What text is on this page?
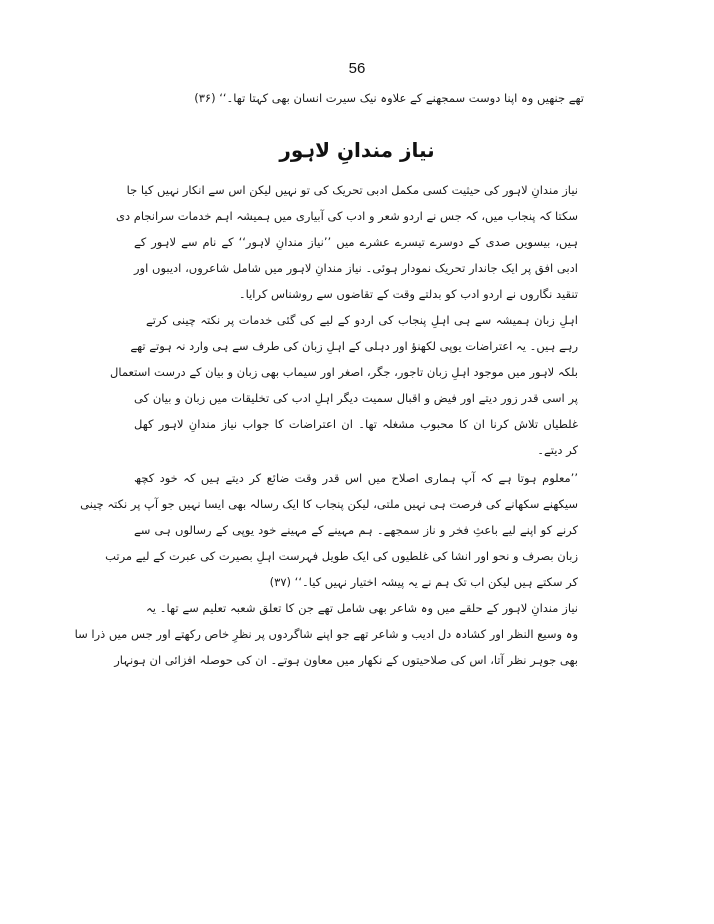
56
تھے جنھیں وہ اپنا دوست سمجھنے کے علاوہ نیک سیرت انسان بھی کہتا تھا۔‘‘ (۳۶)
نیاز مندانِ لاہور
نیاز مندانِ لاہور کی حیثیت کسی مکمل ادبی تحریک کی تو نہیں لیکن اس سے انکار نہیں کیا جا
سکتا کہ پنجاب میں، کہ جس نے اردو شعر و ادب کی آبیاری میں ہمیشہ اہم خدمات سرانجام دی
ہیں، بیسویں صدی کے دوسرے تیسرے عشرے میں ’’نیاز مندانِ لاہور‘‘ کے نام سے لاہور کے
ادبی افق پر ایک جاندار تحریک نمودار ہوئی۔ نیاز مندانِ لاہور میں شامل شاعروں، ادیبوں اور
تنقید نگاروں نے اردو ادب کو بدلتے وقت کے تقاضوں سے روشناس کرایا۔
اہلِ زبان ہمیشہ سے ہی اہلِ پنجاب کی اردو کے لیے کی گئی خدمات پر نکتہ چینی کرتے
رہے ہیں۔ یہ اعتراضات یوپی لکھنؤ اور دہلی کے اہلِ زبان کی طرف سے ہی وارد نہ ہوتے تھے
بلکہ لاہور میں موجود اہلِ زبان تاجور، جگر، اصغر اور سیماب بھی زبان و بیان کے درست استعمال
پر اسی قدر زور دیتے اور فیض و اقبال سمیت دیگر اہلِ ادب کی تخلیقات میں زبان و بیان کی
غلطیاں تلاش کرنا ان کا محبوب مشغلہ تھا۔ ان اعتراضات کا جواب نیاز مندانِ لاہور کھل
کر دیتے۔
’’معلوم ہوتا ہے کہ آپ ہماری اصلاح میں اس قدر وقت ضائع کر دیتے ہیں کہ خود کچھ
سیکھنے سکھانے کی فرصت ہی نہیں ملتی، لیکن پنجاب کا ایک رسالہ بھی ایسا نہیں جو آپ پر نکتہ چینی
کرنے کو اپنے لیے باعثِ فخر و ناز سمجھے۔ ہم مہینے کے مہینے خود یوپی کے رسالوں ہی سے
زبان بصرف و نحو اور انشا کی غلطیوں کی ایک طویل فہرست اہلِ بصیرت کی عبرت کے لیے مرتب
کر سکتے ہیں لیکن اب تک ہم نے یہ پیشہ اختیار نہیں کیا۔‘‘ (۳۷)
نیاز مندانِ لاہور کے حلقے میں وہ شاعر بھی شامل تھے جن کا تعلق شعبہ تعلیم سے تھا۔ یہ
وہ وسیع النظر اور کشادہ دل ادیب و شاعر تھے جو اپنے شاگردوں پر نظرِ خاص رکھتے اور جس میں ذرا سا
بھی جوہر نظر آتا، اس کی صلاحیتوں کے نکھار میں معاون ہوتے۔ ان کی حوصلہ افزائی ان ہونہار
